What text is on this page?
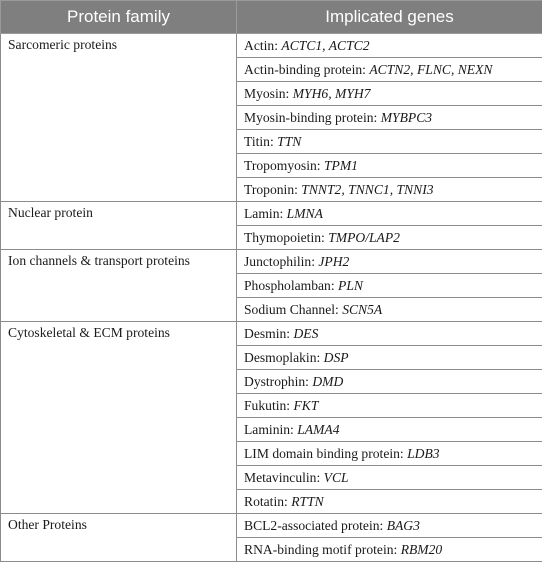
Protein family	Implicated genes
Sarcomeric proteins	Actin: ACTC1, ACTC2
	Actin-binding protein: ACTN2, FLNC, NEXN
	Myosin: MYH6, MYH7
	Myosin-binding protein: MYBPC3
	Titin: TTN
	Tropomyosin: TPM1
	Troponin: TNNT2, TNNC1, TNNI3
Nuclear protein	Lamin: LMNA
	Thymopoietin: TMPO/LAP2
Ion channels & transport proteins	Junctophilin: JPH2
	Phospholamban: PLN
	Sodium Channel: SCN5A
Cytoskeletal & ECM proteins	Desmin: DES
	Desmoplakin: DSP
	Dystrophin: DMD
	Fukutin: FKT
	Laminin: LAMA4
	LIM domain binding protein: LDB3
	Metavinculin: VCL
	Rotatin: RTTN
Other Proteins	BCL2-associated protein: BAG3
	RNA-binding motif protein: RBM20
